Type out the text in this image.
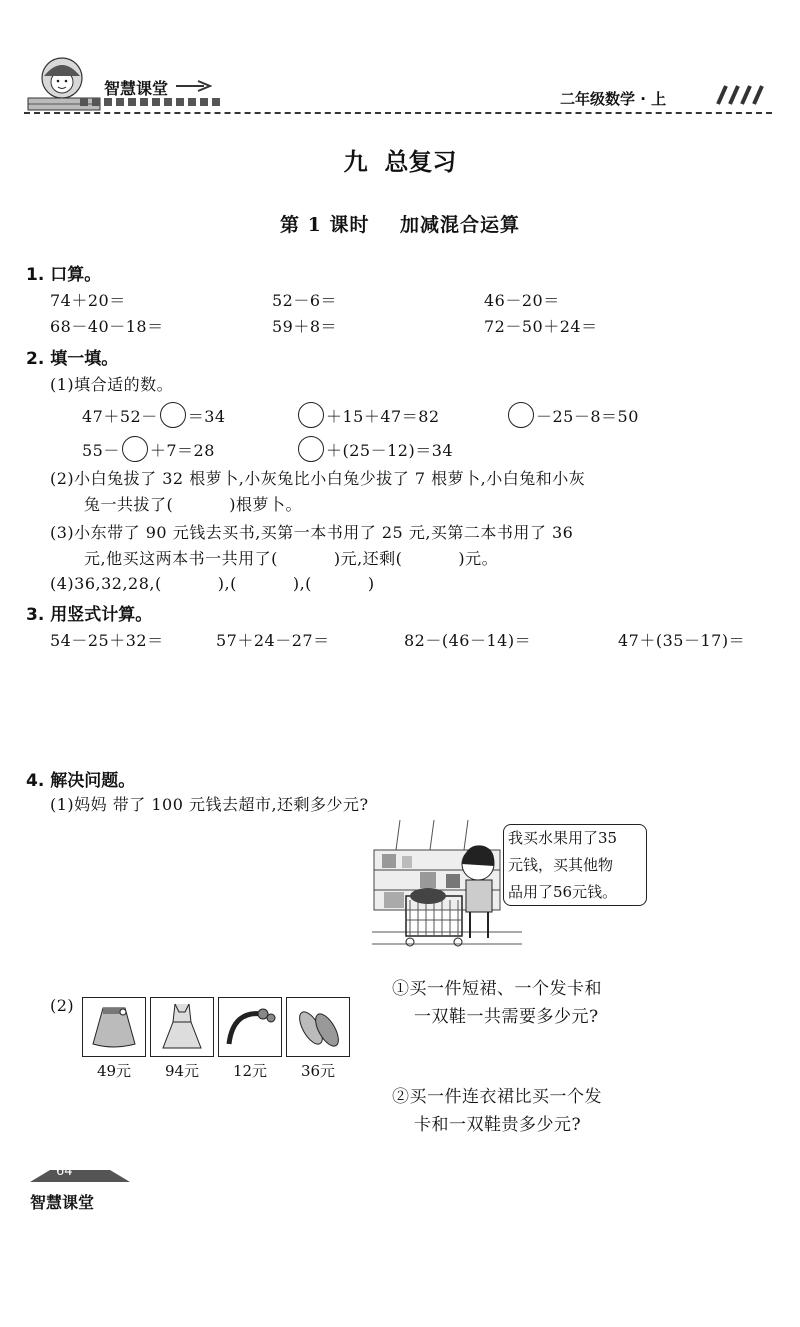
智慧课堂
二年级数学 · 上
九  总复习
第 1 课时    加减混合运算
1. 口算。
74＋20＝	52－6＝	46－20＝
68－40－18＝	59＋8＝	72－50＋24＝
2. 填一填。
(1)填合适的数。
47＋52－ ＝34	＋15＋47＝82	－25－8＝50
55－ ＋7＝28	＋(25－12)＝34
(2)小白兔拔了 32 根萝卜,小灰兔比小白兔少拔了 7 根萝卜,小白兔和小灰
兔一共拔了(	)根萝卜。
(3)小东带了 90 元钱去买书,买第一本书用了 25 元,买第二本书用了 36
元,他买这两本书一共用了(	)元,还剩(	)元。
(4)36,32,28,(	),(	),(	)
3. 用竖式计算。
54－25＋32＝	57＋24－27＝	82－(46－14)＝	47＋(35－17)＝
4. 解决问题。
(1)妈妈 带了 100 元钱去超市,还剩多少元?
我买水果用了35
元钱，买其他物
品用了56元钱。
(2)
49元	94元	12元	36元
①买一件短裙、一个发卡和
一双鞋一共需要多少元?
②买一件连衣裙比买一个发
卡和一双鞋贵多少元?
64
智慧课堂
